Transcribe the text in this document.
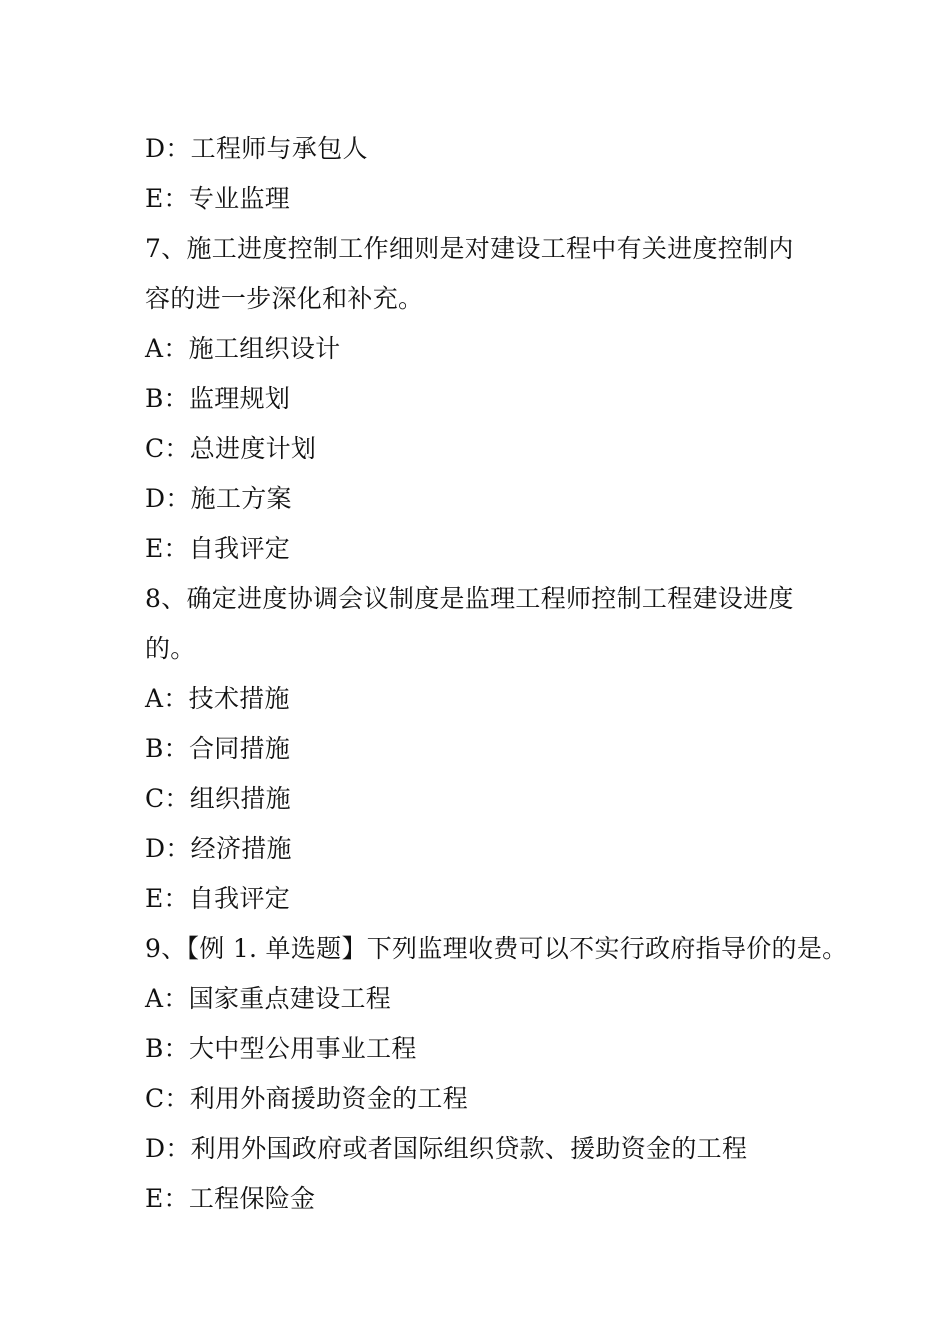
D：工程师与承包人
E：专业监理
7、施工进度控制工作细则是对建设工程中有关进度控制内
容的进一步深化和补充。
A：施工组织设计
B：监理规划
C：总进度计划
D：施工方案
E：自我评定
8、确定进度协调会议制度是监理工程师控制工程建设进度
的。
A：技术措施
B：合同措施
C：组织措施
D：经济措施
E：自我评定
9、【例 1. 单选题】下列监理收费可以不实行政府指导价的是。
A：国家重点建设工程
B：大中型公用事业工程
C：利用外商援助资金的工程
D：利用外国政府或者国际组织贷款、援助资金的工程
E：工程保险金
